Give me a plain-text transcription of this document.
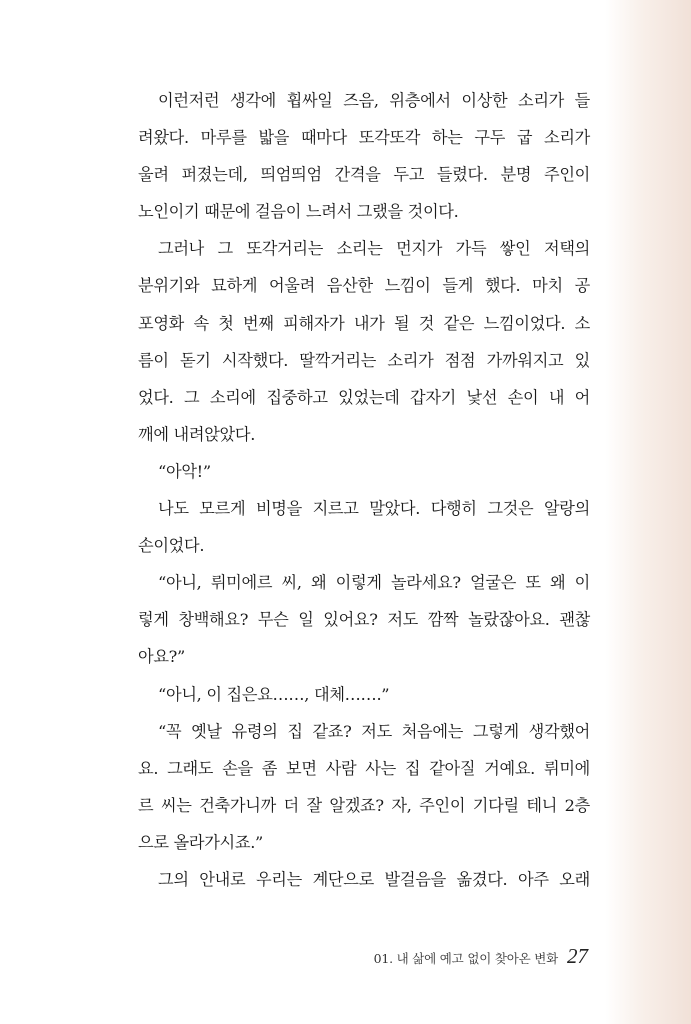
이런저런 생각에 휩싸일 즈음, 위층에서 이상한 소리가 들
려왔다. 마루를 밟을 때마다 또각또각 하는 구두 굽 소리가
울려 퍼졌는데, 띄엄띄엄 간격을 두고 들렸다. 분명 주인이
노인이기 때문에 걸음이 느려서 그랬을 것이다.
그러나 그 또각거리는 소리는 먼지가 가득 쌓인 저택의
분위기와 묘하게 어울려 음산한 느낌이 들게 했다. 마치 공
포영화 속 첫 번째 피해자가 내가 될 것 같은 느낌이었다. 소
름이 돋기 시작했다. 딸깍거리는 소리가 점점 가까워지고 있
었다. 그 소리에 집중하고 있었는데 갑자기 낯선 손이 내 어
깨에 내려앉았다.
“아악!”
나도 모르게 비명을 지르고 말았다. 다행히 그것은 알랑의
손이었다.
“아니, 뤼미에르 씨, 왜 이렇게 놀라세요? 얼굴은 또 왜 이
렇게 창백해요? 무슨 일 있어요? 저도 깜짝 놀랐잖아요. 괜찮
아요?”
“아니, 이 집은요……, 대체…….”
“꼭 옛날 유령의 집 같죠? 저도 처음에는 그렇게 생각했어
요. 그래도 손을 좀 보면 사람 사는 집 같아질 거예요. 뤼미에
르 씨는 건축가니까 더 잘 알겠죠? 자, 주인이 기다릴 테니 2층
으로 올라가시죠.”
그의 안내로 우리는 계단으로 발걸음을 옮겼다. 아주 오래
01. 내 삶에 예고 없이 찾아온 변화 27
